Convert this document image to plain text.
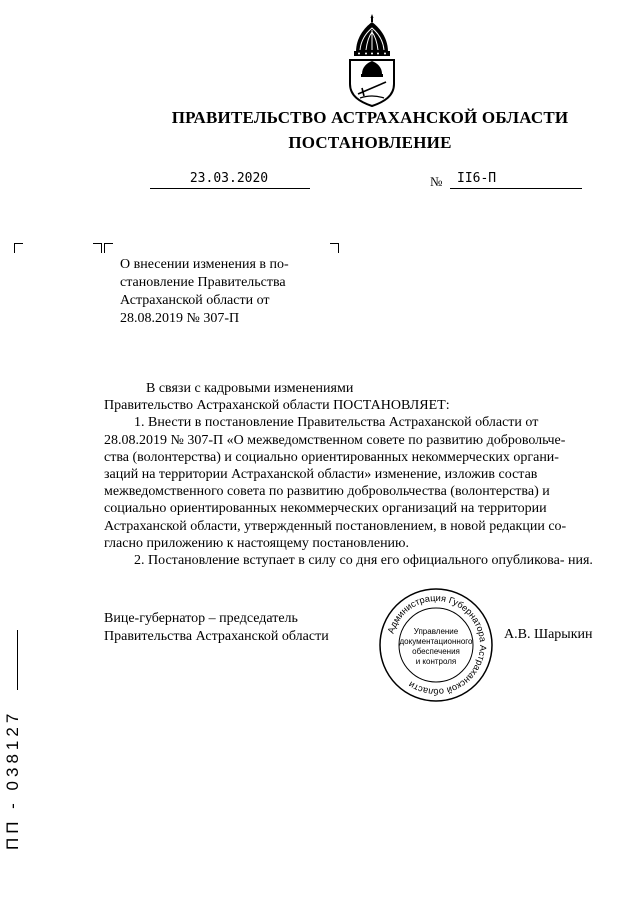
ПРАВИТЕЛЬСТВО АСТРАХАНСКОЙ ОБЛАСТИ
ПОСТАНОВЛЕНИЕ
23.03.2020	№ II6-П
О внесении изменения в по- становление Правительства Астраханской области от 28.08.2019 № 307-П
В связи с кадровыми изменениями Правительство Астраханской области ПОСТАНОВЛЯЕТ: 1. Внести в постановление Правительства Астраханской области от 28.08.2019 № 307-П «О межведомственном совете по развитию добровольче- ства (волонтерства) и социально ориентированных некоммерческих органи- заций на территории Астраханской области» изменение, изложив состав межведомственного совета по развитию добровольчества (волонтерства) и социально ориентированных некоммерческих организаций на территории Астраханской области, утвержденный постановлением, в новой редакции со- гласно приложению к настоящему постановлению. 2. Постановление вступает в силу со дня его официального опубликова- ния.
Вице-губернатор – председатель
Правительства Астраханской области	А.В. Шарыкин
Администрация Губернатора Астраханской области
Управление
документационного
обеспечения
и контроля
ПП - 038127
